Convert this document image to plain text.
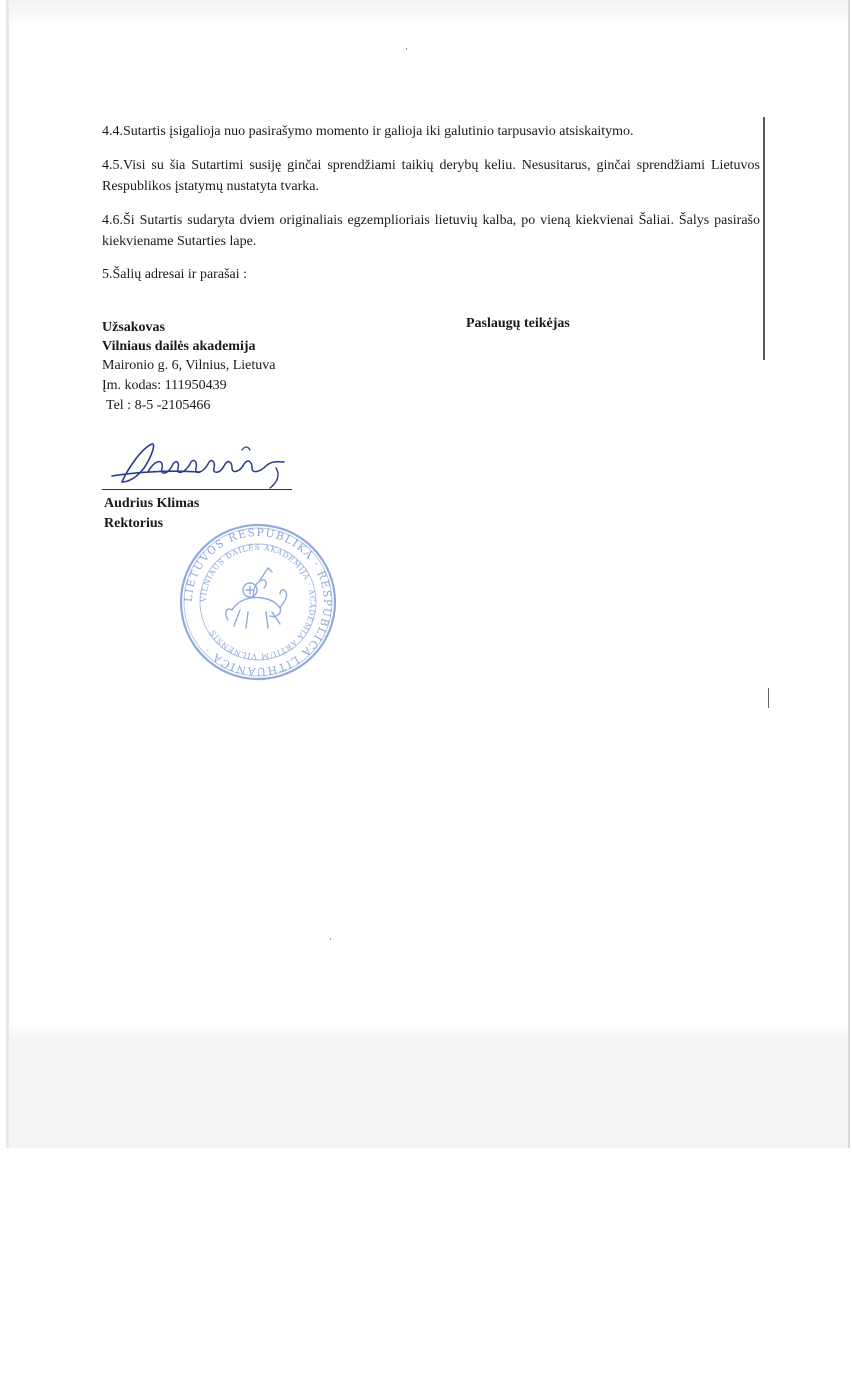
4.4.Sutartis įsigalioja nuo pasirašymo momento ir galioja iki galutinio tarpusavio atsiskaitymo.
4.5.Visi su šia Sutartimi susiję ginčai sprendžiami taikių derybų keliu. Nesusitarus, ginčai sprendžiami Lietuvos Respublikos įstatymų nustatyta tvarka.
4.6.Ši Sutartis sudaryta dviem originaliais egzemplioriais lietuvių kalba, po vieną kiekvienai Šaliai. Šalys pasirašo kiekviename Sutarties lape.
5.Šalių adresai ir parašai :
Užsakovas
Vilniaus dailės akademija
Maironio g. 6, Vilnius, Lietuva
Įm. kodas: 111950439
Tel : 8-5 -2105466
Paslaugų teikėjas
Audrius Klimas
Rektorius
LIETUVOS RESPUBLIKA · RESPUBLICA LITHUANICA ·
VILNIAUS DAILĖS AKADEMIJA · ACADEMIA ARTIUM VILNENSIS ·
